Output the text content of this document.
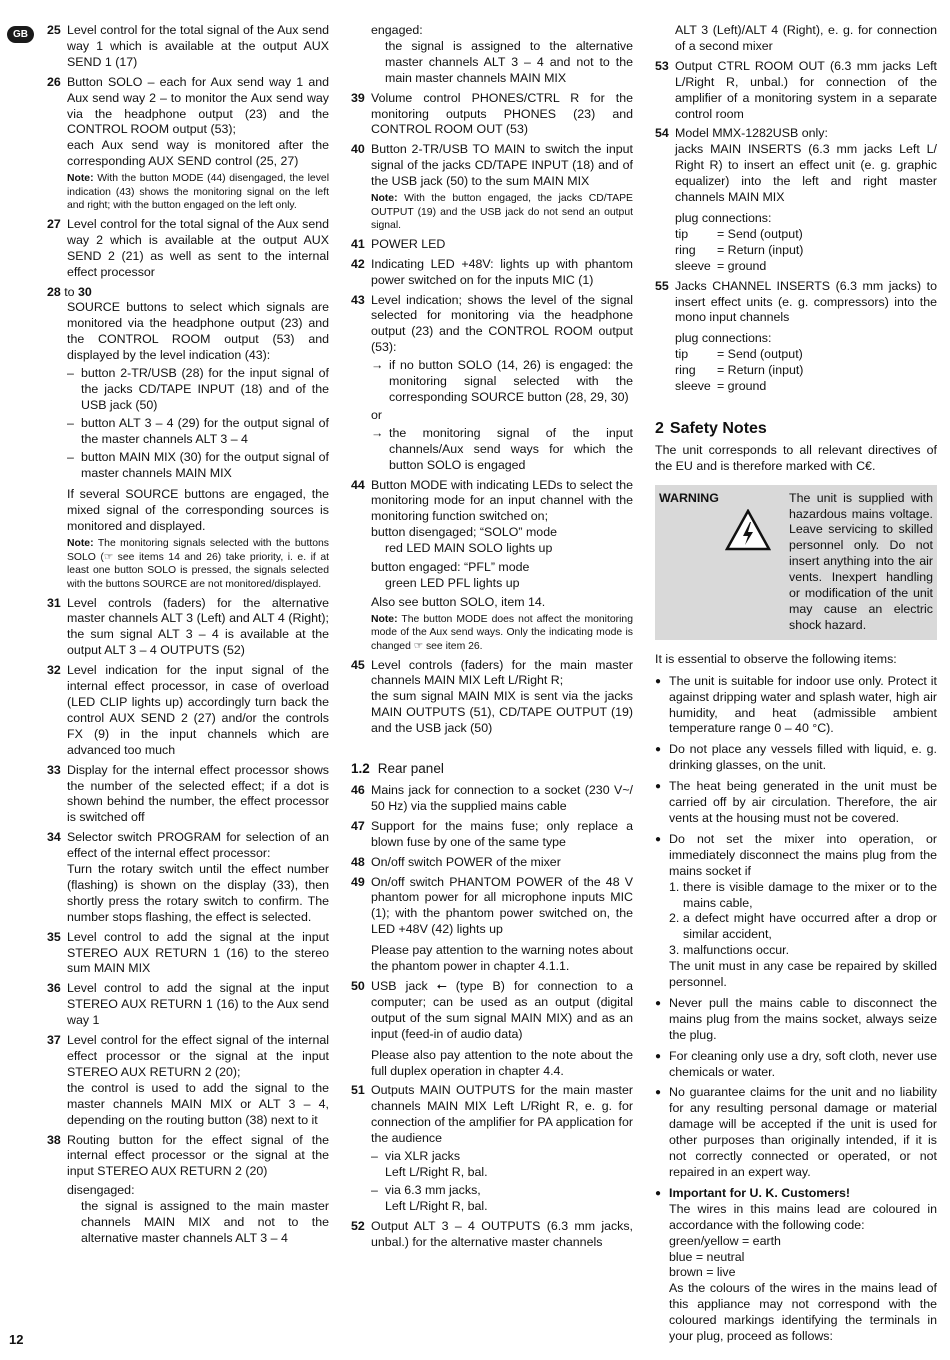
GB	25 Level control for the total signal of the Aux send way 1 which is available at the output AUX SEND 1 (17)
26 Button SOLO – each for Aux send way 1 and Aux send way 2 – to monitor the Aux send way via the headphone output (23) and the CONTROL ROOM output (53);

each Aux send way is monitored after the corresponding AUX SEND control (25, 27)

Note: With the button MODE (44) disengaged, the level indication (43) shows the monitoring signal on the left and right; with the button engaged on the left only.

27 Level control for the total signal of the Aux send way 2 which is available at the output AUX SEND 2 (21) as well as sent to the internal effect processor

28 to 30

SOURCE buttons to select which signals are monitored via the headphone output (23) and the CONTROL ROOM output (53) and displayed by the level indication (43):

– button 2-TR/USB (28) for the input signal of the jacks CD/TAPE INPUT (18) and of the USB jack (50)
– button ALT 3 – 4 (29) for the output signal of the master channels ALT 3 – 4
– button MAIN MIX (30) for the output signal of master channels MAIN MIX

If several SOURCE buttons are engaged, the mixed signal of the corresponding sources is monitored and displayed.

Note: The monitoring signals selected with the buttons SOLO (☞ see items 14 and 26) take priority, i. e. if at least one button SOLO is pressed, the signals selected with the buttons SOURCE are not monitored/displayed.

31 Level controls (faders) for the alternative master channels ALT 3 (Left) and ALT 4 (Right); the sum signal ALT 3 – 4 is available at the output ALT 3 – 4 OUTPUTS (52)
32 Level indication for the input signal of the internal effect processor, in case of overload (LED CLIP lights up) accordingly turn back the control AUX SEND 2 (27) and/or the controls FX (9) in the input channels which are advanced too much
33 Display for the internal effect processor shows the number of the selected effect; if a dot is shown behind the number, the effect processor is switched off
34 Selector switch PROGRAM for selection of an effect of the internal effect processor:

Turn the rotary switch until the effect number (flashing) is shown on the display (33), then shortly press the rotary switch to confirm. The number stops flashing, the effect is selected.

35 Level control to add the signal at the input STEREO AUX RETURN 1 (16) to the stereo sum MAIN MIX
36 Level control to add the signal at the input STEREO AUX RETURN 1 (16) to the Aux send way 1
37 Level control for the effect signal of the internal effect processor or the signal at the input STEREO AUX RETURN 2 (20);

the control is used to add the signal to the master channels MAIN MIX or ALT 3 – 4, depending on the routing button (38) next to it

38 Routing button for the effect signal of the internal effect processor or the signal at the input STEREO AUX RETURN 2 (20)

disengaged:

the signal is assigned to the main master channels MAIN MIX and not to the alternative master channels ALT 3 – 4

engaged:

the signal is assigned to the alternative master channels ALT 3 – 4 and not to the main master channels MAIN MIX

39 Volume control PHONES/CTRL R for the monitoring outputs PHONES (23) and CONTROL ROOM OUT (53)
40 Button 2-TR/USB TO MAIN to switch the input signal of the jacks CD/TAPE INPUT (18) and of the USB jack (50) to the sum MAIN MIX

Note: With the button engaged, the jacks CD/TAPE OUTPUT (19) and the USB jack do not send an output signal.

41 POWER LED
42 Indicating LED +48V: lights up with phantom power switched on for the inputs MIC (1)
43 Level indication; shows the level of the signal selected for monitoring via the headphone output (23) and the CONTROL ROOM output (53):

→ if no button SOLO (14, 26) is engaged: the monitoring signal selected with the corresponding SOURCE button (28, 29, 30)

or

→ the monitoring signal of the input channels/Aux send ways for which the button SOLO is engaged
44 Button MODE with indicating LEDs to select the monitoring mode for an input channel with the monitoring function switched on;

button disengaged; “SOLO” mode

red LED MAIN SOLO lights up

button engaged: “PFL” mode

green LED PFL lights up

Also see button SOLO, item 14.

Note: The button MODE does not affect the monitoring mode of the Aux send ways. Only the indicating mode is changed ☞ see item 26.

45 Level controls (faders) for the main master channels MAIN MIX Left L/Right R;

the sum signal MAIN MIX is sent via the jacks MAIN OUTPUTS (51), CD/TAPE OUTPUT (19) and the USB jack (50)

1.2 Rear panel
46 Mains jack for connection to a socket (230 V~/ 50 Hz) via the supplied mains cable
47 Support for the mains fuse; only replace a blown fuse by one of the same type
48 On/off switch POWER of the mixer
49 On/off switch PHANTOM POWER of the 48 V phantom power for all microphone inputs MIC (1); with the phantom power switched on, the LED +48V (42) lights up

Please pay attention to the warning notes about the phantom power in chapter 4.1.1.

50 USB jack ⭠ (type B) for connection to a computer; can be used as an output (digital output of the sum signal MAIN MIX) and as an input (feed-in of audio data)

Please also pay attention to the note about the full duplex operation in chapter 4.4.

51 Outputs MAIN OUTPUTS for the main master channels MAIN MIX Left L/Right R, e. g. for connection of the amplifier for PA application for the audience

– via XLR jacks
Left L/Right R, bal.
– via 6.3 mm jacks,
Left L/Right R, bal.
52 Output ALT 3 – 4 OUTPUTS (6.3 mm jacks, unbal.) for the alternative master channels
ALT 3 (Left)/ALT 4 (Right), e. g. for connection of a second mixer
53 Output CTRL ROOM OUT (6.3 mm jacks Left L/Right R, unbal.) for connection of the amplifier of a monitoring system in a separate control room
54 Model MMX-1282USB only:

jacks MAIN INSERTS (6.3 mm jacks Left L/ Right R) to insert an effect unit (e. g. graphic equalizer) into the left and right master channels MAIN MIX

plug connections:

tip	= Send (output)
ring	= Return (input)
sleeve = ground
55 Jacks CHANNEL INSERTS (6.3 mm jacks) to insert effect units (e. g. compressors) into the mono input channels

plug connections:

tip	= Send (output)
ring	= Return (input)
sleeve = ground
2 Safety Notes

The unit corresponds to all relevant directives of the EU and is therefore marked with C€.

WARNING	The unit is supplied with hazardous mains voltage. Leave servicing to skilled personnel only. Do not insert anything into the air vents. Inexpert handling or modification of the unit may cause an electric shock hazard.

It is essential to observe the following items:

● The unit is suitable for indoor use only. Protect it against dripping water and splash water, high air humidity, and heat (admissible ambient temperature range 0 – 40 °C).
● Do not place any vessels filled with liquid, e. g. drinking glasses, on the unit.
● The heat being generated in the unit must be carried off by air circulation. Therefore, the air vents at the housing must not be covered.

● Do not set the mixer into operation, or immediately disconnect the mains plug from the mains socket if

1. there is visible damage to the mixer or to the mains cable,
2. a defect might have occurred after a drop or similar accident,
3. malfunctions occur.

The unit must in any case be repaired by skilled personnel.

● Never pull the mains cable to disconnect the mains plug from the mains socket, always seize the plug.
● For cleaning only use a dry, soft cloth, never use chemicals or water.
● No guarantee claims for the unit and no liability for any resulting personal damage or material damage will be accepted if the unit is used for other purposes than originally intended, if it is not correctly connected or operated, or not repaired in an expert way.

● Important for U. K. Customers!

The wires in this mains lead are coloured in accordance with the following code:

green/yellow = earth

blue = neutral

brown = live

As the colours of the wires in the mains lead of this appliance may not correspond with the coloured markings identifying the terminals in your plug, proceed as follows:

12
